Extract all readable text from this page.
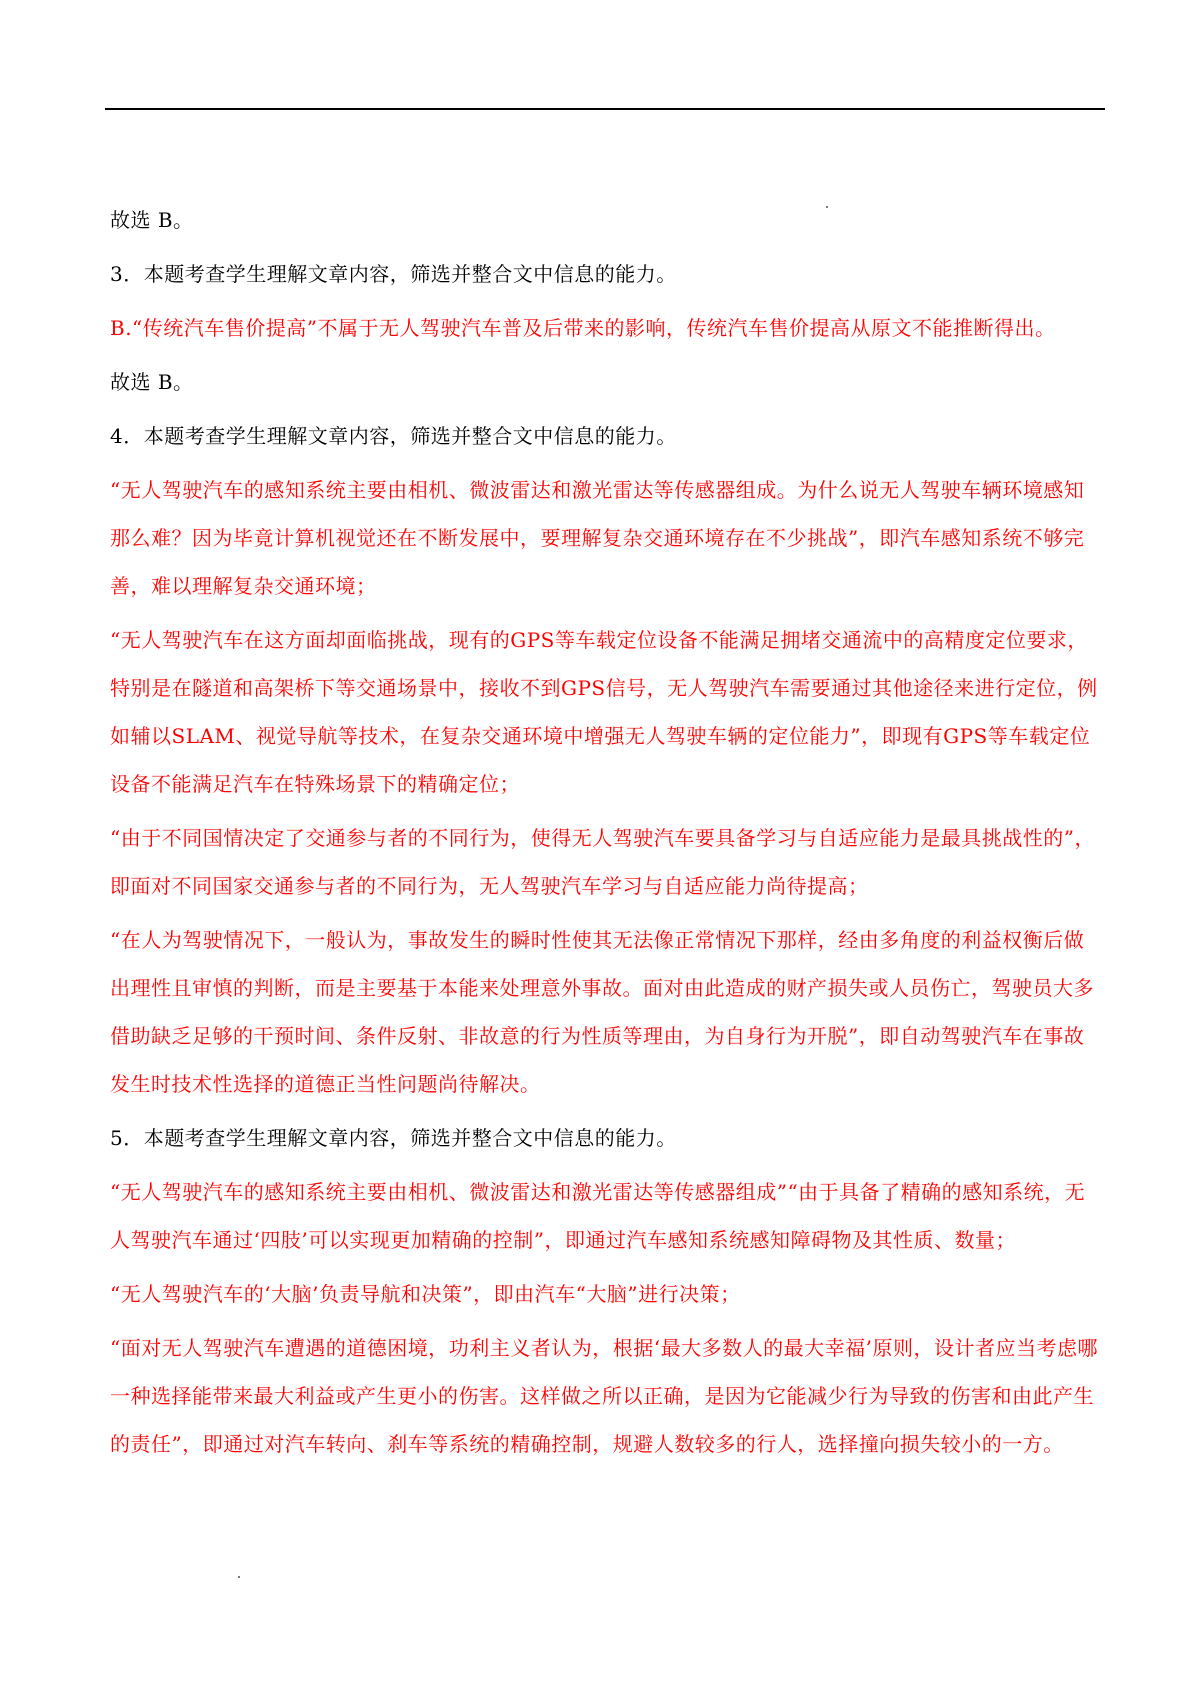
故选 B。

3．本题考查学生理解文章内容，筛选并整合文中信息的能力。

B.“传统汽车售价提高”不属于无人驾驶汽车普及后带来的影响，传统汽车售价提高从原文不能推断得出。

故选 B。

4．本题考查学生理解文章内容，筛选并整合文中信息的能力。

“无人驾驶汽车的感知系统主要由相机、微波雷达和激光雷达等传感器组成。为什么说无人驾驶车辆环境感知那么难？因为毕竟计算机视觉还在不断发展中，要理解复杂交通环境存在不少挑战”，即汽车感知系统不够完善，难以理解复杂交通环境；

“无人驾驶汽车在这方面却面临挑战，现有的GPS等车载定位设备不能满足拥堵交通流中的高精度定位要求，特别是在隧道和高架桥下等交通场景中，接收不到GPS信号，无人驾驶汽车需要通过其他途径来进行定位，例如辅以SLAM、视觉导航等技术，在复杂交通环境中增强无人驾驶车辆的定位能力”，即现有GPS等车载定位设备不能满足汽车在特殊场景下的精确定位；

“由于不同国情决定了交通参与者的不同行为，使得无人驾驶汽车要具备学习与自适应能力是最具挑战性的”，即面对不同国家交通参与者的不同行为，无人驾驶汽车学习与自适应能力尚待提高；

“在人为驾驶情况下，一般认为，事故发生的瞬时性使其无法像正常情况下那样，经由多角度的利益权衡后做出理性且审慎的判断，而是主要基于本能来处理意外事故。面对由此造成的财产损失或人员伤亡，驾驶员大多借助缺乏足够的干预时间、条件反射、非故意的行为性质等理由，为自身行为开脱”，即自动驾驶汽车在事故发生时技术性选择的道德正当性问题尚待解决。

5．本题考查学生理解文章内容，筛选并整合文中信息的能力。

“无人驾驶汽车的感知系统主要由相机、微波雷达和激光雷达等传感器组成”“由于具备了精确的感知系统，无人驾驶汽车通过‘四肢’可以实现更加精确的控制”，即通过汽车感知系统感知障碍物及其性质、数量；

“无人驾驶汽车的‘大脑’负责导航和决策”，即由汽车“大脑”进行决策；

“面对无人驾驶汽车遭遇的道德困境，功利主义者认为，根据‘最大多数人的最大幸福’原则，设计者应当考虑哪一种选择能带来最大利益或产生更小的伤害。这样做之所以正确，是因为它能减少行为导致的伤害和由此产生的责任”，即通过对汽车转向、刹车等系统的精确控制，规避人数较多的行人，选择撞向损失较小的一方。
